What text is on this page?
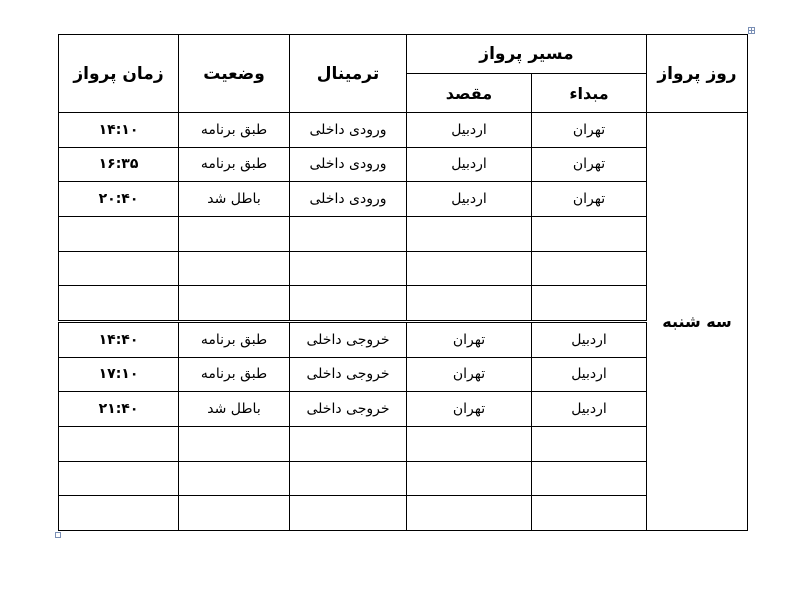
روز پرواز	مسیر پرواز		ترمینال	وضعیت	زمان پرواز
	مبداء	مقصد			
سه شنبه	تهران	اردبیل	ورودی داخلی	طبق برنامه	۱۴:۱۰
	تهران	اردبیل	ورودی داخلی	طبق برنامه	۱۶:۳۵
	تهران	اردبیل	ورودی داخلی	باطل شد	۲۰:۴۰

	اردبیل	تهران	خروجی داخلی	طبق برنامه	۱۴:۴۰
	اردبیل	تهران	خروجی داخلی	طبق برنامه	۱۷:۱۰
	اردبیل	تهران	خروجی داخلی	باطل شد	۲۱:۴۰
